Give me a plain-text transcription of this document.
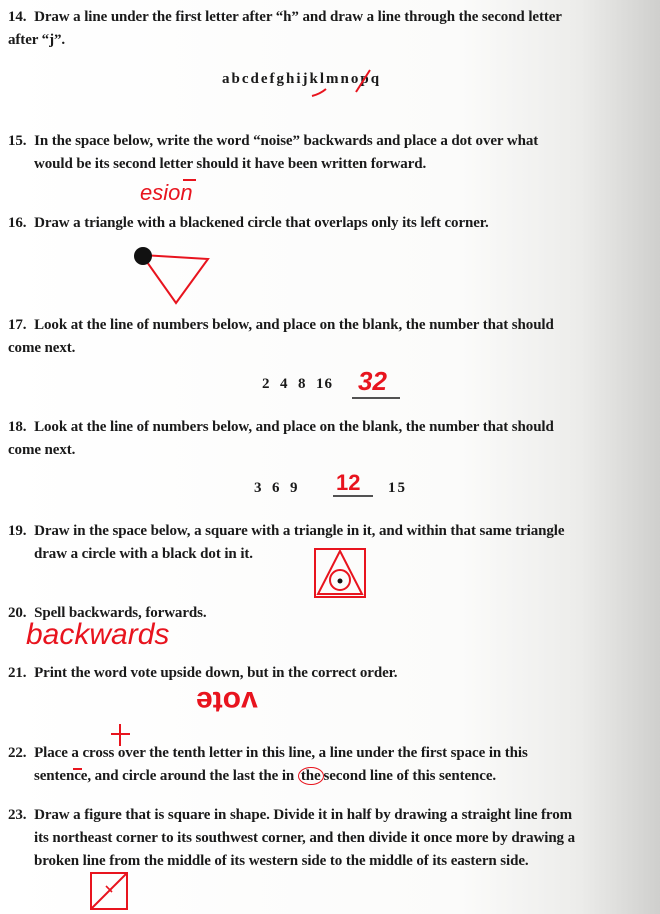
14. Draw a line under the first letter after “h” and draw a line through the second letter
after “j”.
abcdefghijklmnopq
15. In the space below, write the word “noise” backwards and place a dot over what
would be its second letter should it have been written forward.
esion
16. Draw a triangle with a blackened circle that overlaps only its left corner.
17. Look at the line of numbers below, and place on the blank, the number that should
come next.
2  4  8  16 32
18. Look at the line of numbers below, and place on the blank, the number that should
come next.
3  6  9 12 15
19. Draw in the space below, a square with a triangle in it, and within that same triangle
draw a circle with a black dot in it.
20. Spell backwards, forwards.
backwards
21. Print the word vote upside down, but in the correct order.
vote
22. Place a cross over the tenth letter in this line, a line under the first space in this
sentence, and circle around the last the in the second line of this sentence.
23. Draw a figure that is square in shape. Divide it in half by drawing a straight line from
its northeast corner to its southwest corner, and then divide it once more by drawing a
broken line from the middle of its western side to the middle of its eastern side.
